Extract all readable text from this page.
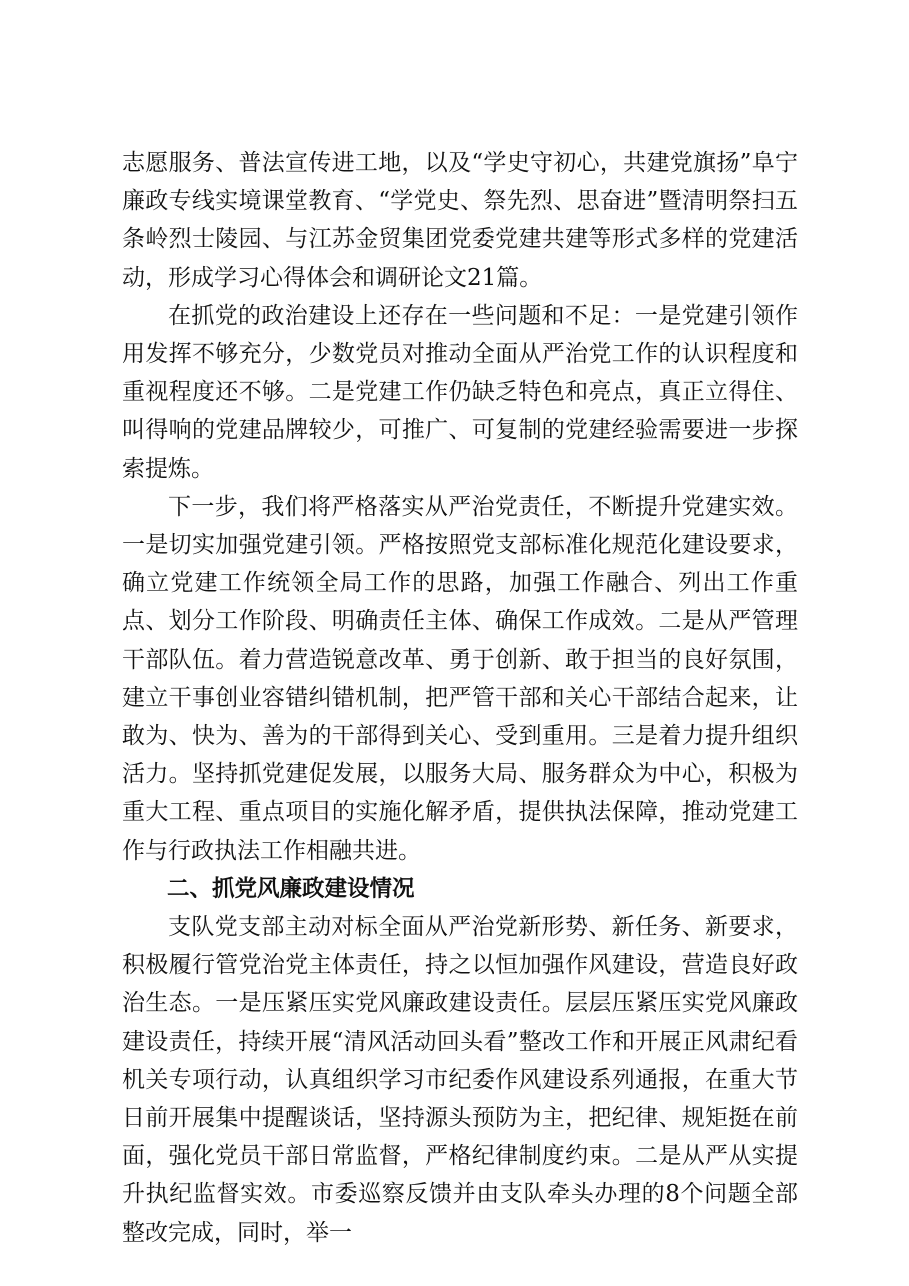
志愿服务、普法宣传进工地，以及“学史守初心，共建党旗扬”阜宁廉政专线实境课堂教育、“学党史、祭先烈、思奋进”暨清明祭扫五条岭烈士陵园、与江苏金贸集团党委党建共建等形式多样的党建活动，形成学习心得体会和调研论文21篇。

在抓党的政治建设上还存在一些问题和不足：一是党建引领作用发挥不够充分，少数党员对推动全面从严治党工作的认识程度和重视程度还不够。二是党建工作仍缺乏特色和亮点，真正立得住、叫得响的党建品牌较少，可推广、可复制的党建经验需要进一步探索提炼。

下一步，我们将严格落实从严治党责任，不断提升党建实效。一是切实加强党建引领。严格按照党支部标准化规范化建设要求，确立党建工作统领全局工作的思路，加强工作融合、列出工作重点、划分工作阶段、明确责任主体、确保工作成效。二是从严管理干部队伍。着力营造锐意改革、勇于创新、敢于担当的良好氛围，建立干事创业容错纠错机制，把严管干部和关心干部结合起来，让敢为、快为、善为的干部得到关心、受到重用。三是着力提升组织活力。坚持抓党建促发展，以服务大局、服务群众为中心，积极为重大工程、重点项目的实施化解矛盾，提供执法保障，推动党建工作与行政执法工作相融共进。

二、抓党风廉政建设情况

支队党支部主动对标全面从严治党新形势、新任务、新要求，积极履行管党治党主体责任，持之以恒加强作风建设，营造良好政治生态。一是压紧压实党风廉政建设责任。层层压紧压实党风廉政建设责任，持续开展“清风活动回头看”整改工作和开展正风肃纪看机关专项行动，认真组织学习市纪委作风建设系列通报，在重大节日前开展集中提醒谈话，坚持源头预防为主，把纪律、规矩挺在前面，强化党员干部日常监督，严格纪律制度约束。二是从严从实提升执纪监督实效。市委巡察反馈并由支队牵头办理的8个问题全部整改完成，同时，举一
